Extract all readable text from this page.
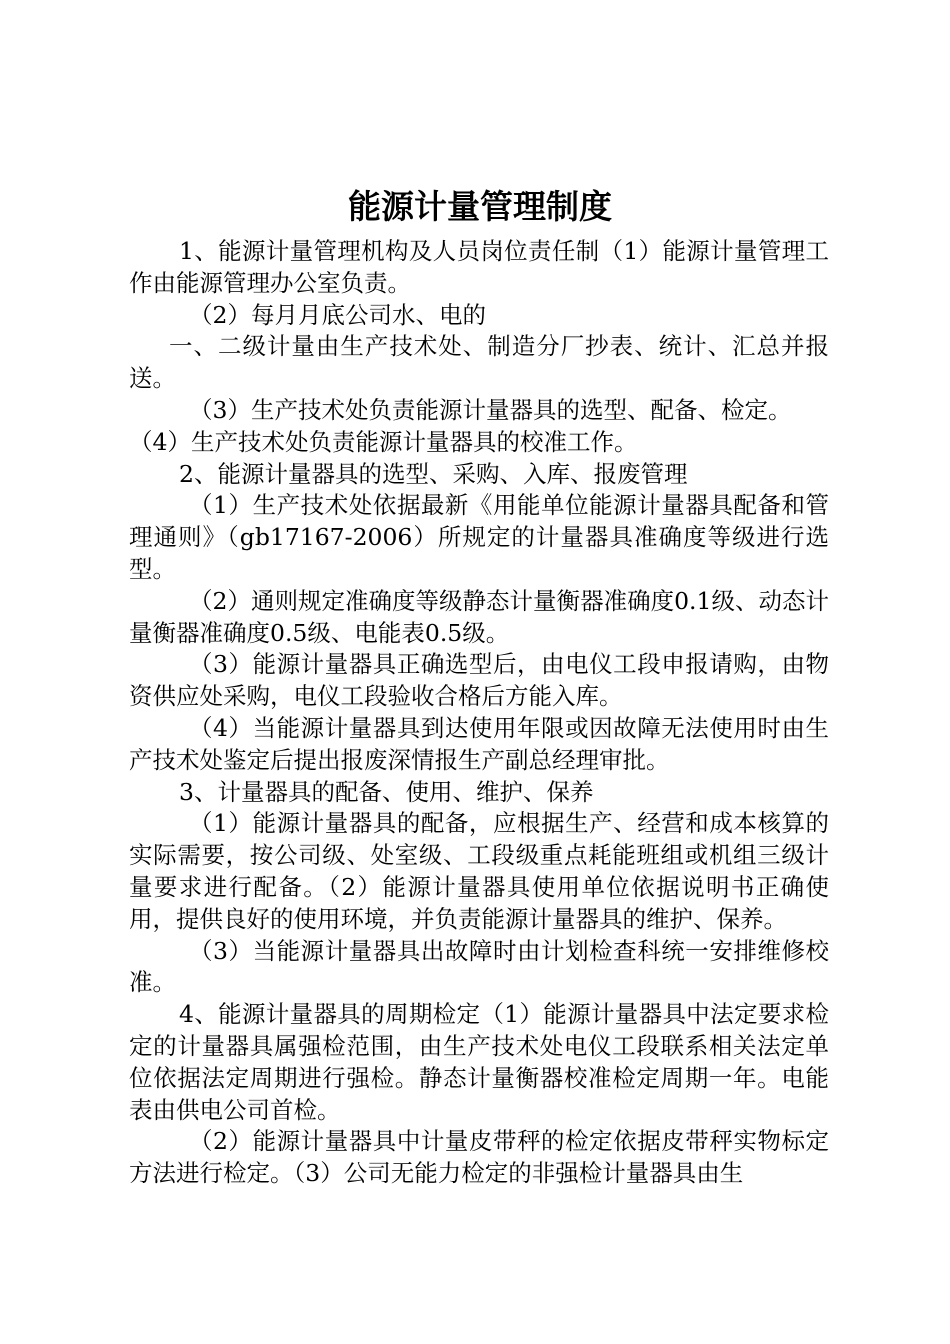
能源计量管理制度

1、能源计量管理机构及人员岗位责任制（1）能源计量管理工作由能源管理办公室负责。

（2）每月月底公司水、电的

一、二级计量由生产技术处、制造分厂抄表、统计、汇总并报送。

（3）生产技术处负责能源计量器具的选型、配备、检定。

（4）生产技术处负责能源计量器具的校准工作。

2、能源计量器具的选型、采购、入库、报废管理

（1）生产技术处依据最新《用能单位能源计量器具配备和管理通则》（gb17167-2006）所规定的计量器具准确度等级进行选型。

（2）通则规定准确度等级静态计量衡器准确度0.1级、动态计量衡器准确度0.5级、电能表0.5级。

（3）能源计量器具正确选型后，由电仪工段申报请购，由物资供应处采购，电仪工段验收合格后方能入库。

（4）当能源计量器具到达使用年限或因故障无法使用时由生产技术处鉴定后提出报废深情报生产副总经理审批。

3、计量器具的配备、使用、维护、保养

（1）能源计量器具的配备，应根据生产、经营和成本核算的实际需要，按公司级、处室级、工段级重点耗能班组或机组三级计量要求进行配备。（2）能源计量器具使用单位依据说明书正确使用，提供良好的使用环境，并负责能源计量器具的维护、保养。

（3）当能源计量器具出故障时由计划检查科统一安排维修校准。

4、能源计量器具的周期检定（1）能源计量器具中法定要求检定的计量器具属强检范围，由生产技术处电仪工段联系相关法定单位依据法定周期进行强检。静态计量衡器校准检定周期一年。电能表由供电公司首检。

（2）能源计量器具中计量皮带秤的检定依据皮带秤实物标定方法进行检定。（3）公司无能力检定的非强检计量器具由生
